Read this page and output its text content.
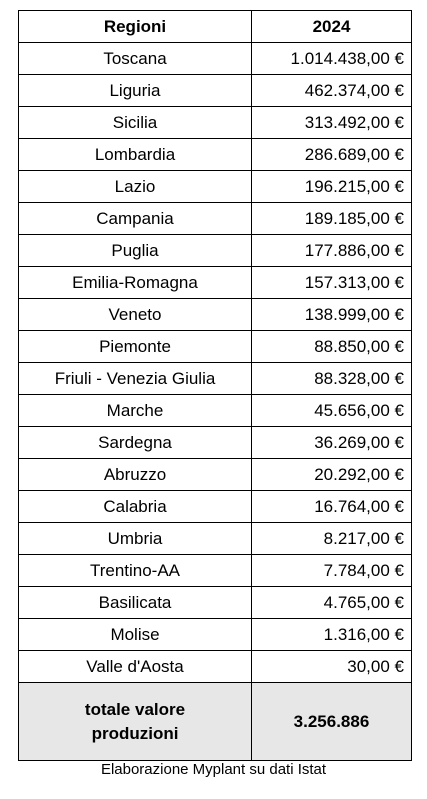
Regioni	2024
Toscana	1.014.438,00 €
Liguria	462.374,00 €
Sicilia	313.492,00 €
Lombardia	286.689,00 €
Lazio	196.215,00 €
Campania	189.185,00 €
Puglia	177.886,00 €
Emilia-Romagna	157.313,00 €
Veneto	138.999,00 €
Piemonte	88.850,00 €
Friuli - Venezia Giulia	88.328,00 €
Marche	45.656,00 €
Sardegna	36.269,00 €
Abruzzo	20.292,00 €
Calabria	16.764,00 €
Umbria	8.217,00 €
Trentino-AA	7.784,00 €
Basilicata	4.765,00 €
Molise	1.316,00 €
Valle d'Aosta	30,00 €
totale valore
produzioni	3.256.886
Elaborazione Myplant su dati Istat
